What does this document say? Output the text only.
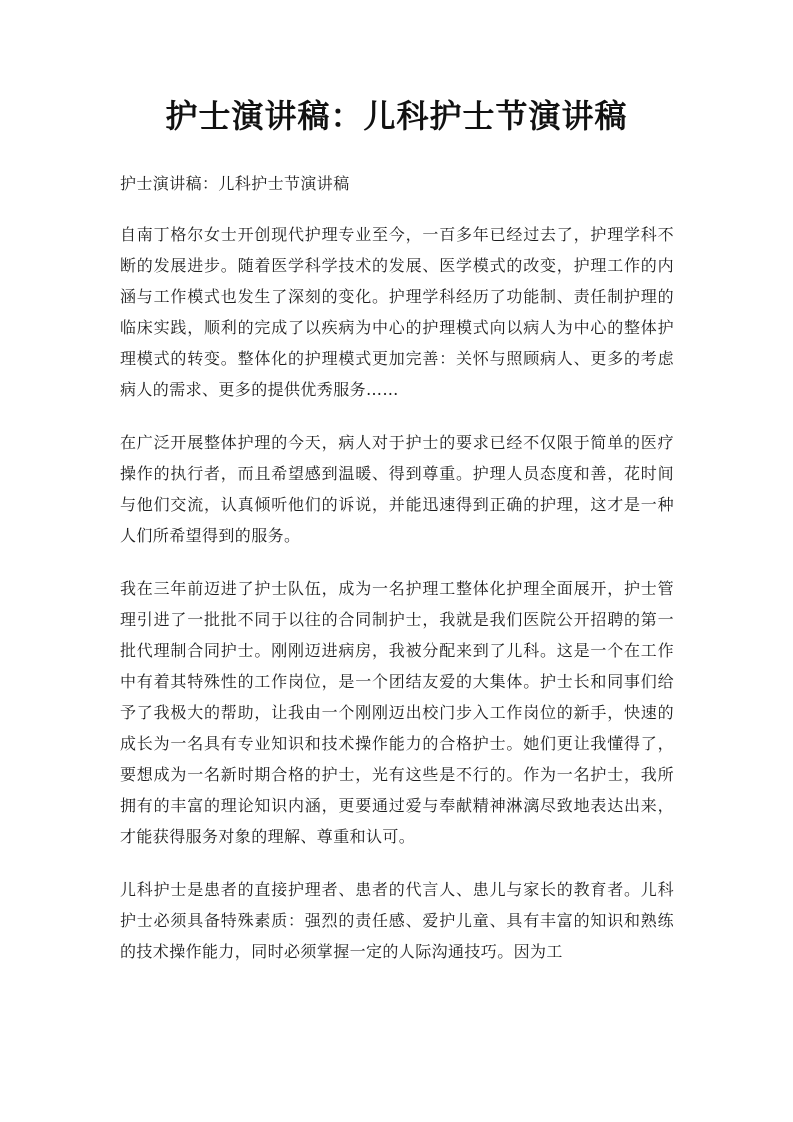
护士演讲稿：儿科护士节演讲稿

护士演讲稿：儿科护士节演讲稿

自南丁格尔女士开创现代护理专业至今，一百多年已经过去了，护理学科不断的发展进步。随着医学科学技术的发展、医学模式的改变，护理工作的内涵与工作模式也发生了深刻的变化。护理学科经历了功能制、责任制护理的临床实践，顺利的完成了以疾病为中心的护理模式向以病人为中心的整体护理模式的转变。整体化的护理模式更加完善：关怀与照顾病人、更多的考虑病人的需求、更多的提供优秀服务……

在广泛开展整体护理的今天，病人对于护士的要求已经不仅限于简单的医疗操作的执行者，而且希望感到温暖、得到尊重。护理人员态度和善，花时间与他们交流，认真倾听他们的诉说，并能迅速得到正确的护理，这才是一种人们所希望得到的服务。

我在三年前迈进了护士队伍，成为一名护理工整体化护理全面展开，护士管理引进了一批批不同于以往的合同制护士，我就是我们医院公开招聘的第一批代理制合同护士。刚刚迈进病房，我被分配来到了儿科。这是一个在工作中有着其特殊性的工作岗位，是一个团结友爱的大集体。护士长和同事们给予了我极大的帮助，让我由一个刚刚迈出校门步入工作岗位的新手，快速的成长为一名具有专业知识和技术操作能力的合格护士。她们更让我懂得了，要想成为一名新时期合格的护士，光有这些是不行的。作为一名护士，我所拥有的丰富的理论知识内涵，更要通过爱与奉献精神淋漓尽致地表达出来，才能获得服务对象的理解、尊重和认可。

儿科护士是患者的直接护理者、患者的代言人、患儿与家长的教育者。儿科护士必须具备特殊素质：强烈的责任感、爱护儿童、具有丰富的知识和熟练的技术操作能力，同时必须掌握一定的人际沟通技巧。因为工
